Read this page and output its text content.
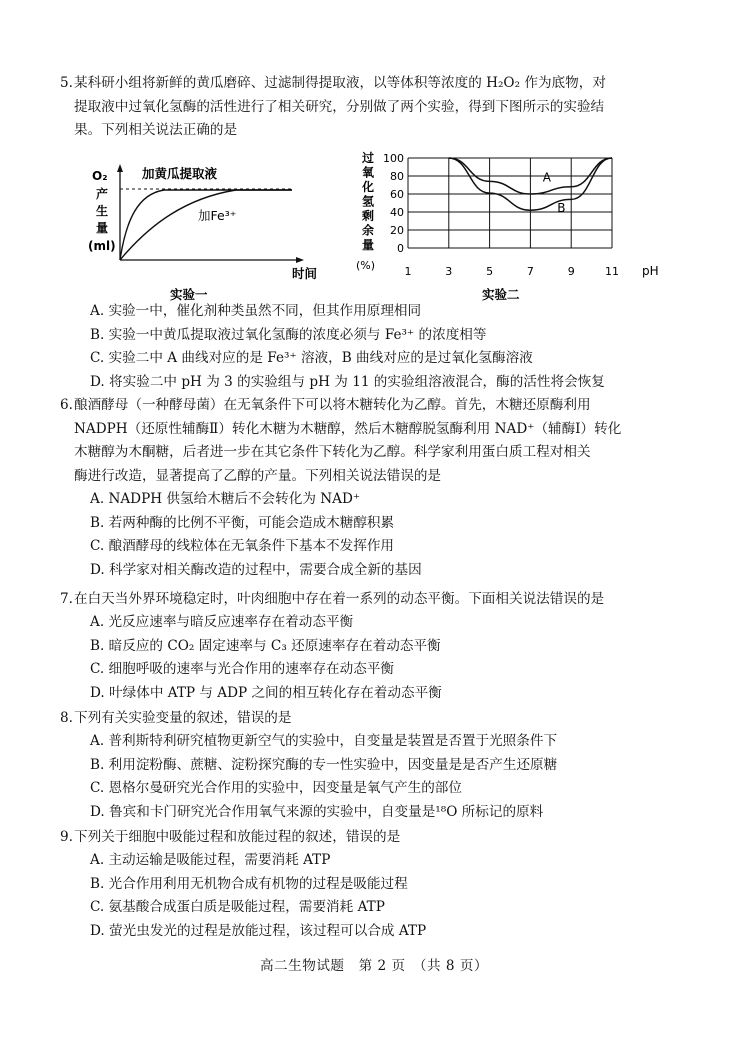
5. 某科研小组将新鲜的黄瓜磨碎、过滤制得提取液，以等体积等浓度的 H₂O₂ 作为底物，对
提取液中过氧化氢酶的活性进行了相关研究，分别做了两个实验，得到下图所示的实验结
果。下列相关说法正确的是
O₂
产
生
量
(ml)
加黄瓜提取液
加Fe³⁺
时间
实验一
过
氧
化
氢
剩
余
量
(%)
0
20
40
60
80
100
1	3	5	7	9	11
A
B
pH
实验二
A. 实验一中，催化剂种类虽然不同，但其作用原理相同
B. 实验一中黄瓜提取液过氧化氢酶的浓度必须与 Fe³⁺ 的浓度相等
C. 实验二中 A 曲线对应的是 Fe³⁺ 溶液，B 曲线对应的是过氧化氢酶溶液
D. 将实验二中 pH 为 3 的实验组与 pH 为 11 的实验组溶液混合，酶的活性将会恢复
6. 酿酒酵母（一种酵母菌）在无氧条件下可以将木糖转化为乙醇。首先，木糖还原酶利用
NADPH（还原性辅酶Ⅱ）转化木糖为木糖醇，然后木糖醇脱氢酶利用 NAD⁺（辅酶Ⅰ）转化
木糖醇为木酮糖，后者进一步在其它条件下转化为乙醇。科学家利用蛋白质工程对相关
酶进行改造，显著提高了乙醇的产量。下列相关说法错误的是
A. NADPH 供氢给木糖后不会转化为 NAD⁺
B. 若两种酶的比例不平衡，可能会造成木糖醇积累
C. 酿酒酵母的线粒体在无氧条件下基本不发挥作用
D. 科学家对相关酶改造的过程中，需要合成全新的基因
7. 在白天当外界环境稳定时，叶肉细胞中存在着一系列的动态平衡。下面相关说法错误的是
A. 光反应速率与暗反应速率存在着动态平衡
B. 暗反应的 CO₂ 固定速率与 C₃ 还原速率存在着动态平衡
C. 细胞呼吸的速率与光合作用的速率存在动态平衡
D. 叶绿体中 ATP 与 ADP 之间的相互转化存在着动态平衡
8. 下列有关实验变量的叙述，错误的是
A. 普利斯特利研究植物更新空气的实验中，自变量是装置是否置于光照条件下
B. 利用淀粉酶、蔗糖、淀粉探究酶的专一性实验中，因变量是是否产生还原糖
C. 恩格尔曼研究光合作用的实验中，因变量是氧气产生的部位
D. 鲁宾和卡门研究光合作用氧气来源的实验中，自变量是¹⁸O 所标记的原料
9. 下列关于细胞中吸能过程和放能过程的叙述，错误的是
A. 主动运输是吸能过程，需要消耗 ATP
B. 光合作用利用无机物合成有机物的过程是吸能过程
C. 氨基酸合成蛋白质是吸能过程，需要消耗 ATP
D. 萤光虫发光的过程是放能过程，该过程可以合成 ATP
高二生物试题　第 2 页　（共 8 页）
